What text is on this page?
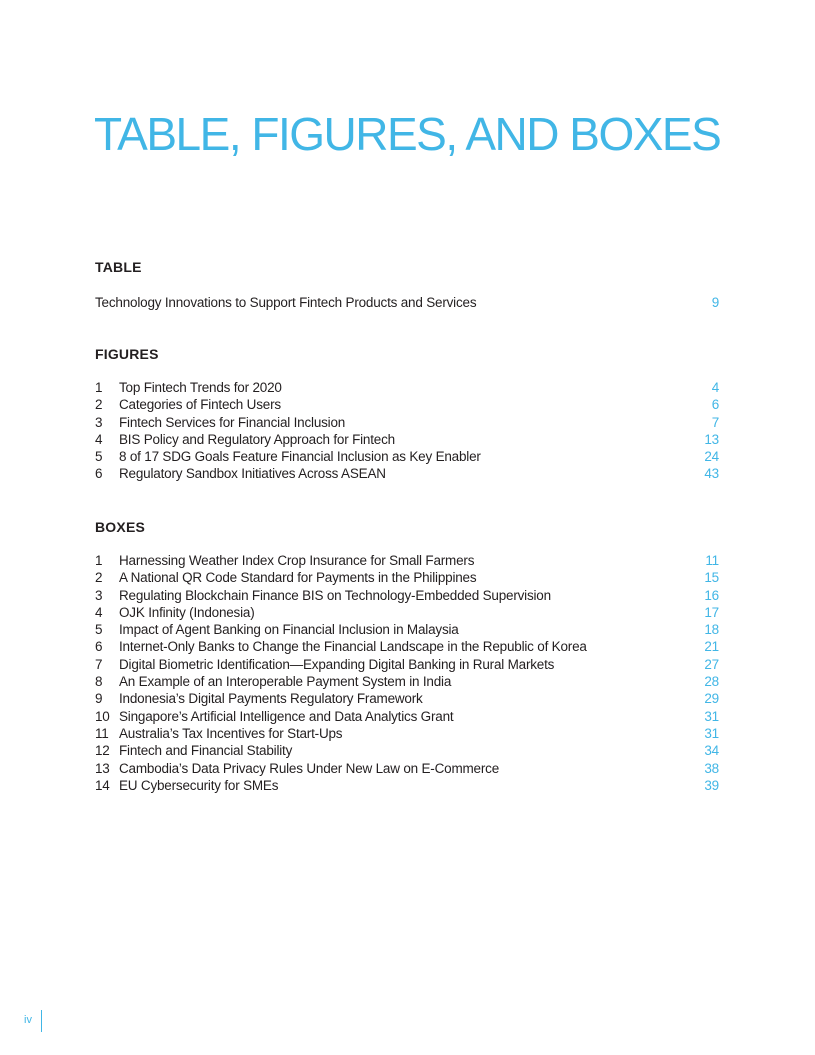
TABLE, FIGURES, AND BOXES
TABLE
Technology Innovations to Support Fintech Products and Services	9
FIGURES
1	Top Fintech Trends for 2020	4
2	Categories of Fintech Users	6
3	Fintech Services for Financial Inclusion	7
4	BIS Policy and Regulatory Approach for Fintech	13
5	8 of 17 SDG Goals Feature Financial Inclusion as Key Enabler	24
6	Regulatory Sandbox Initiatives Across ASEAN	43
BOXES
1	Harnessing Weather Index Crop Insurance for Small Farmers	11
2	A National QR Code Standard for Payments in the Philippines	15
3	Regulating Blockchain Finance BIS on Technology-Embedded Supervision	16
4	OJK Infinity (Indonesia)	17
5	Impact of Agent Banking on Financial Inclusion in Malaysia	18
6	Internet-Only Banks to Change the Financial Landscape in the Republic of Korea	21
7	Digital Biometric Identification—Expanding Digital Banking in Rural Markets	27
8	An Example of an Interoperable Payment System in India	28
9	Indonesia’s Digital Payments Regulatory Framework	29
10 Singapore’s Artificial Intelligence and Data Analytics Grant	31
11 Australia’s Tax Incentives for Start-Ups	31
12 Fintech and Financial Stability	34
13 Cambodia’s Data Privacy Rules Under New Law on E-Commerce	38
14 EU Cybersecurity for SMEs	39
iv
